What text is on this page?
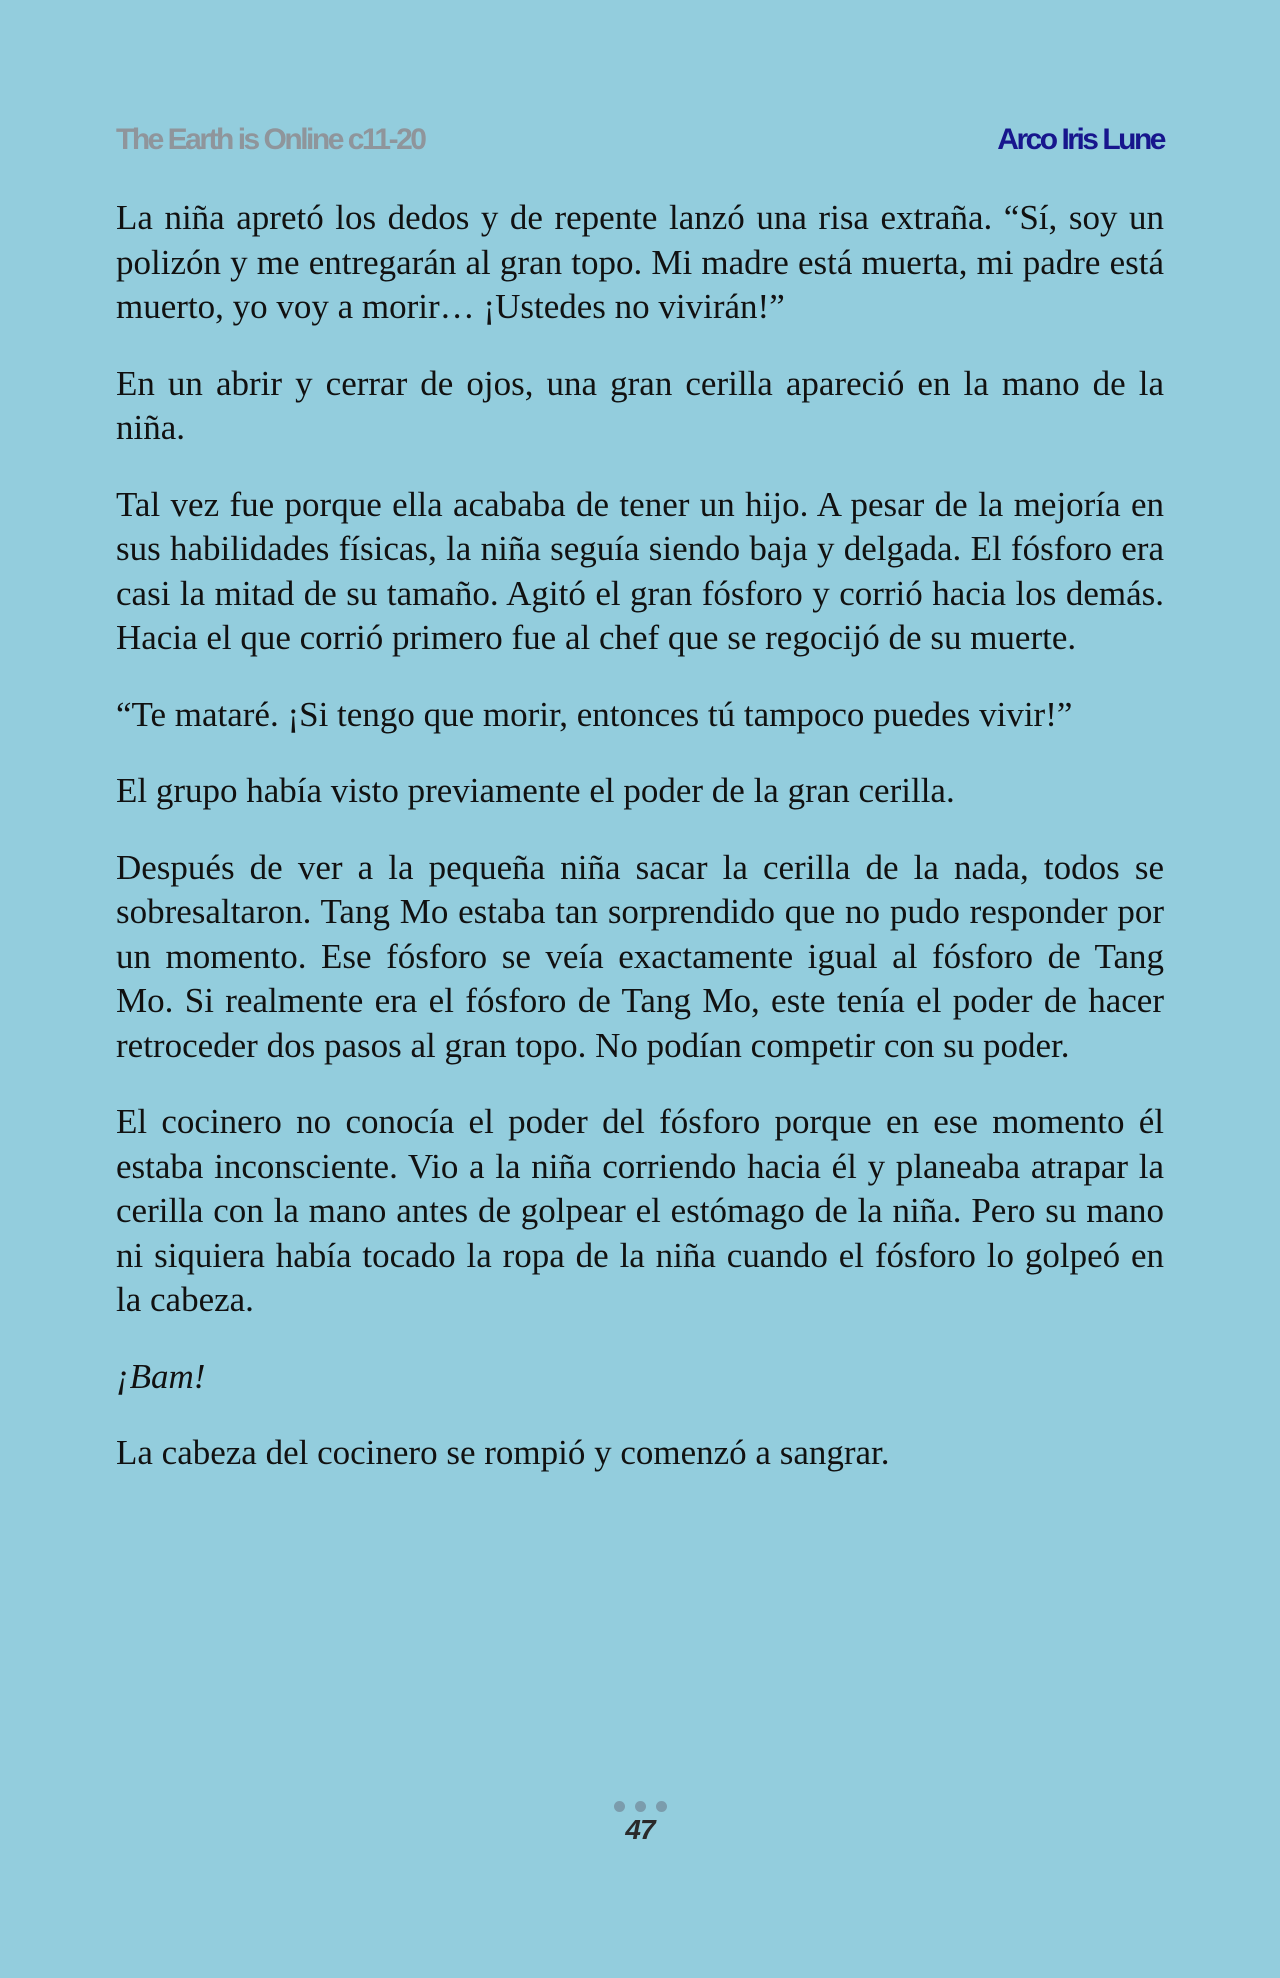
The Earth is Online c11-20	Arco Iris Lune

La niña apretó los dedos y de repente lanzó una risa extraña. “Sí, soy un polizón y me entregarán al gran topo. Mi madre está muerta, mi padre está muerto, yo voy a morir… ¡Ustedes no vivirán!”

En un abrir y cerrar de ojos, una gran cerilla apareció en la mano de la niña.

Tal vez fue porque ella acababa de tener un hijo. A pesar de la mejoría en sus habilidades físicas, la niña seguía siendo baja y delgada. El fósforo era casi la mitad de su tamaño. Agitó el gran fósforo y corrió hacia los demás. Hacia el que corrió primero fue al chef que se regocijó de su muerte.

“Te mataré. ¡Si tengo que morir, entonces tú tampoco puedes vivir!”

El grupo había visto previamente el poder de la gran cerilla.

Después de ver a la pequeña niña sacar la cerilla de la nada, todos se sobresaltaron. Tang Mo estaba tan sorprendido que no pudo responder por un momento. Ese fósforo se veía exactamente igual al fósforo de Tang Mo. Si realmente era el fósforo de Tang Mo, este tenía el poder de hacer retroceder dos pasos al gran topo. No podían competir con su poder.

El cocinero no conocía el poder del fósforo porque en ese momento él estaba inconsciente. Vio a la niña corriendo hacia él y planeaba atrapar la cerilla con la mano antes de golpear el estómago de la niña. Pero su mano ni siquiera había tocado la ropa de la niña cuando el fósforo lo golpeó en la cabeza.

¡Bam!

La cabeza del cocinero se rompió y comenzó a sangrar.

47
